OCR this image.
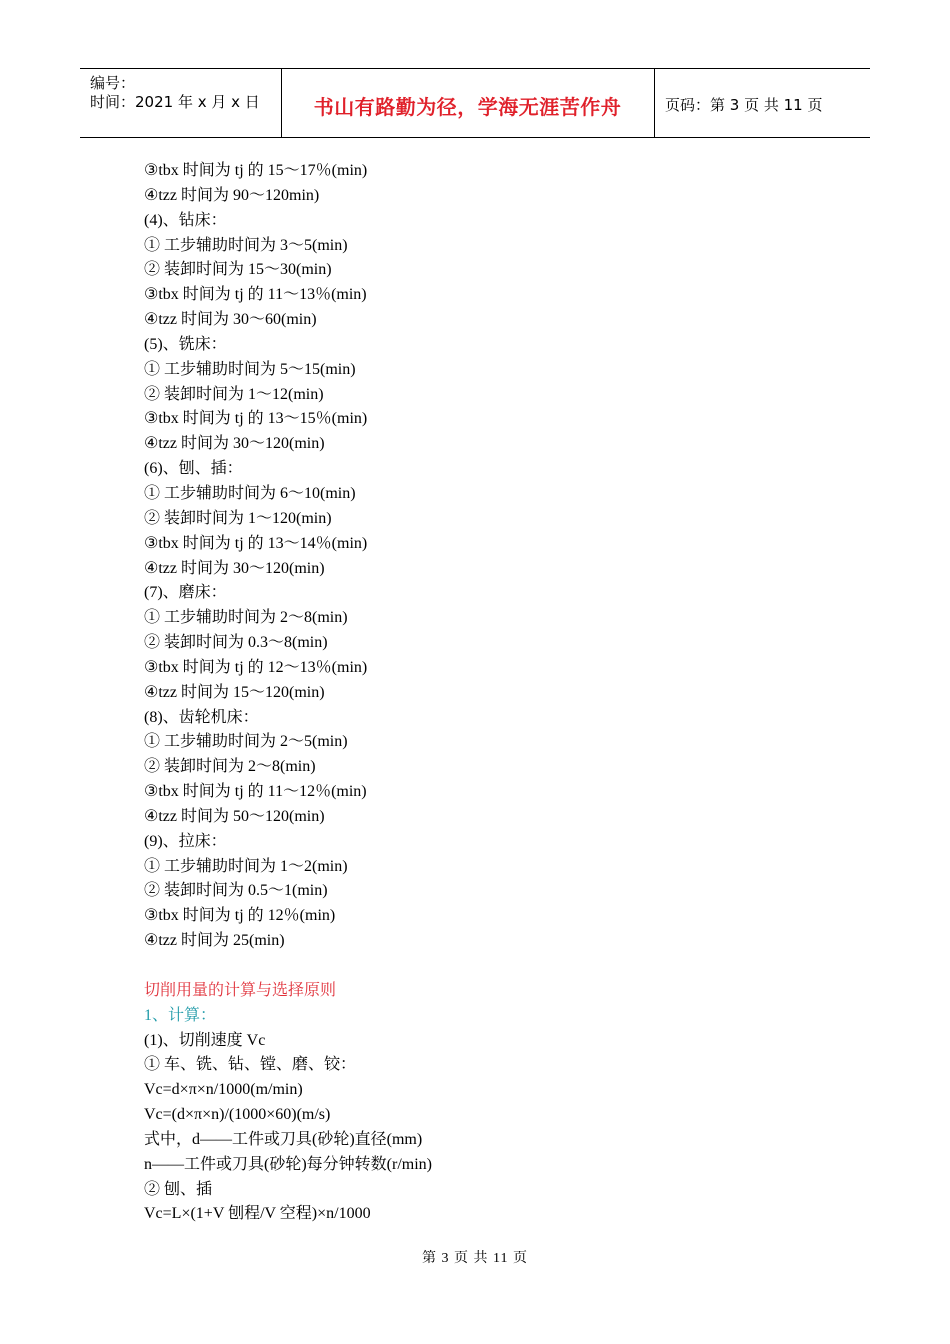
编号：
时间：2021 年 x 月 x 日	书山有路勤为径，学海无涯苦作舟	页码：第 3 页 共 11 页
③tbx 时间为 tj 的 15～17％(min)
④tzz 时间为 90～120min)
(4)、钻床：
① 工步辅助时间为 3～5(min)
② 装卸时间为 15～30(min)
③tbx 时间为 tj 的 11～13％(min)
④tzz 时间为 30～60(min)
(5)、铣床：
① 工步辅助时间为 5～15(min)
② 装卸时间为 1～12(min)
③tbx 时间为 tj 的 13～15％(min)
④tzz 时间为 30～120(min)
(6)、刨、插：
① 工步辅助时间为 6～10(min)
② 装卸时间为 1～120(min)
③tbx 时间为 tj 的 13～14％(min)
④tzz 时间为 30～120(min)
(7)、磨床：
① 工步辅助时间为 2～8(min)
② 装卸时间为 0.3～8(min)
③tbx 时间为 tj 的 12～13％(min)
④tzz 时间为 15～120(min)
(8)、齿轮机床：
① 工步辅助时间为 2～5(min)
② 装卸时间为 2～8(min)
③tbx 时间为 tj 的 11～12％(min)
④tzz 时间为 50～120(min)
(9)、拉床：
① 工步辅助时间为 1～2(min)
② 装卸时间为 0.5～1(min)
③tbx 时间为 tj 的 12％(min)
④tzz 时间为 25(min)
切削用量的计算与选择原则
1、计算：
(1)、切削速度 Vc
① 车、铣、钻、镗、磨、铰：
Vc=d×π×n/1000(m/min)
Vc=(d×π×n)/(1000×60)(m/s)
式中，d——工件或刀具(砂轮)直径(mm)
n——工件或刀具(砂轮)每分钟转数(r/min)
② 刨、插
Vc=L×(1+V 刨程/V 空程)×n/1000
第 3 页 共 11 页
